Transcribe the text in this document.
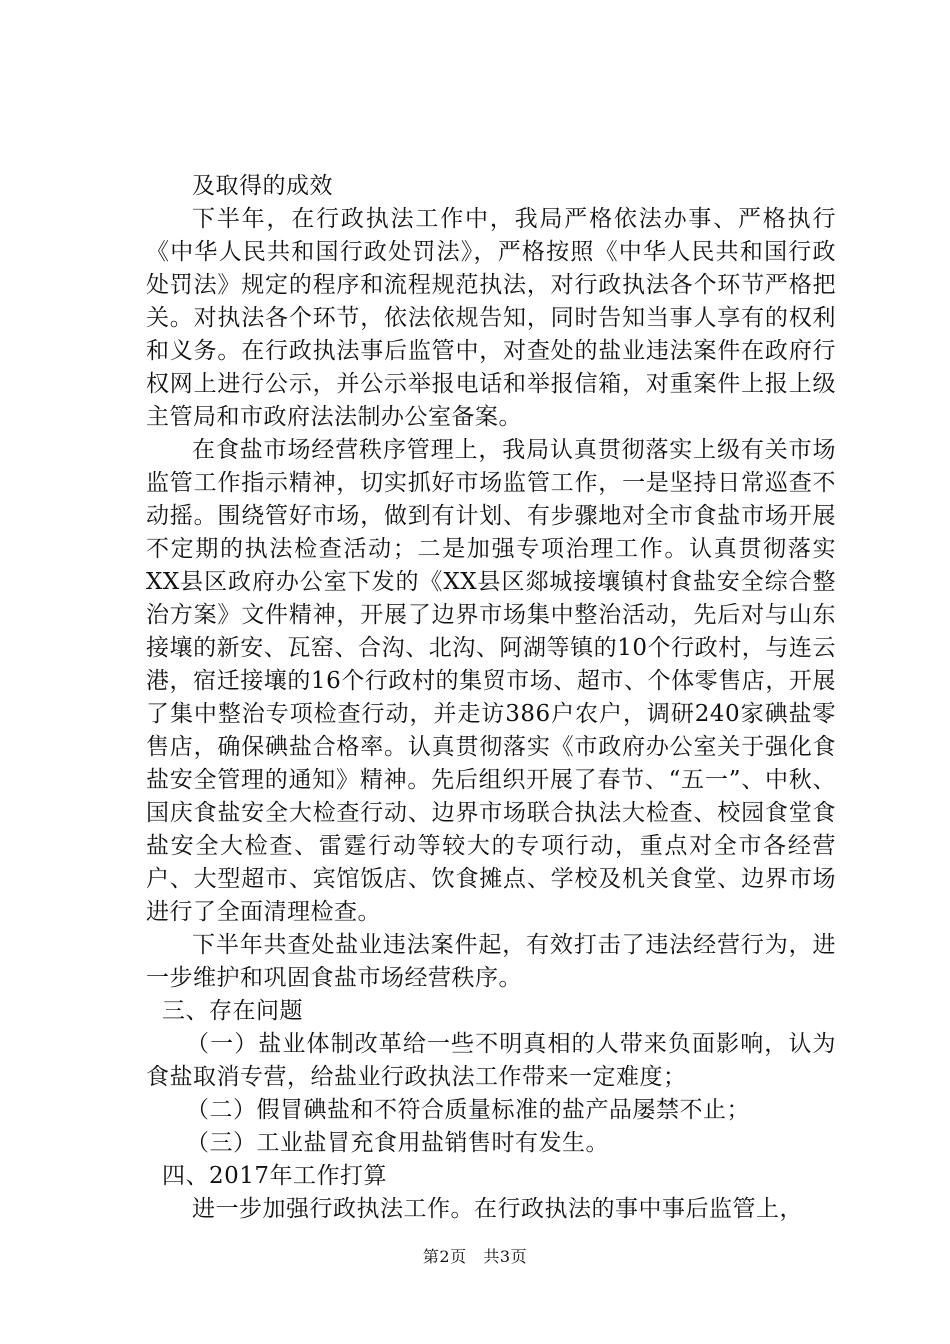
及取得的成效

下半年，在行政执法工作中，我局严格依法办事、严格执行《中华人民共和国行政处罚法》，严格按照《中华人民共和国行政处罚法》规定的程序和流程规范执法，对行政执法各个环节严格把关。对执法各个环节，依法依规告知，同时告知当事人享有的权利和义务。在行政执法事后监管中，对查处的盐业违法案件在政府行权网上进行公示，并公示举报电话和举报信箱，对重案件上报上级主管局和市政府法法制办公室备案。

在食盐市场经营秩序管理上，我局认真贯彻落实上级有关市场监管工作指示精神，切实抓好市场监管工作，一是坚持日常巡查不动摇。围绕管好市场，做到有计划、有步骤地对全市食盐市场开展不定期的执法检查活动；二是加强专项治理工作。认真贯彻落实XX县区政府办公室下发的《XX县区郯城接壤镇村食盐安全综合整治方案》文件精神，开展了边界市场集中整治活动，先后对与山东接壤的新安、瓦窑、合沟、北沟、阿湖等镇的10个行政村，与连云港，宿迁接壤的16个行政村的集贸市场、超市、个体零售店，开展了集中整治专项检查行动，并走访386户农户，调研240家碘盐零售店，确保碘盐合格率。认真贯彻落实《市政府办公室关于强化食盐安全管理的通知》精神。先后组织开展了春节、“五一”、中秋、国庆食盐安全大检查行动、边界市场联合执法大检查、校园食堂食盐安全大检查、雷霆行动等较大的专项行动，重点对全市各经营户、大型超市、宾馆饭店、饮食摊点、学校及机关食堂、边界市场进行了全面清理检查。

下半年共查处盐业违法案件起，有效打击了违法经营行为，进一步维护和巩固食盐市场经营秩序。

三、存在问题

（一）盐业体制改革给一些不明真相的人带来负面影响，认为食盐取消专营，给盐业行政执法工作带来一定难度；

（二）假冒碘盐和不符合质量标准的盐产品屡禁不止；

（三）工业盐冒充食用盐销售时有发生。

四、2017年工作打算

进一步加强行政执法工作。在行政执法的事中事后监管上，

第2页 共3页
